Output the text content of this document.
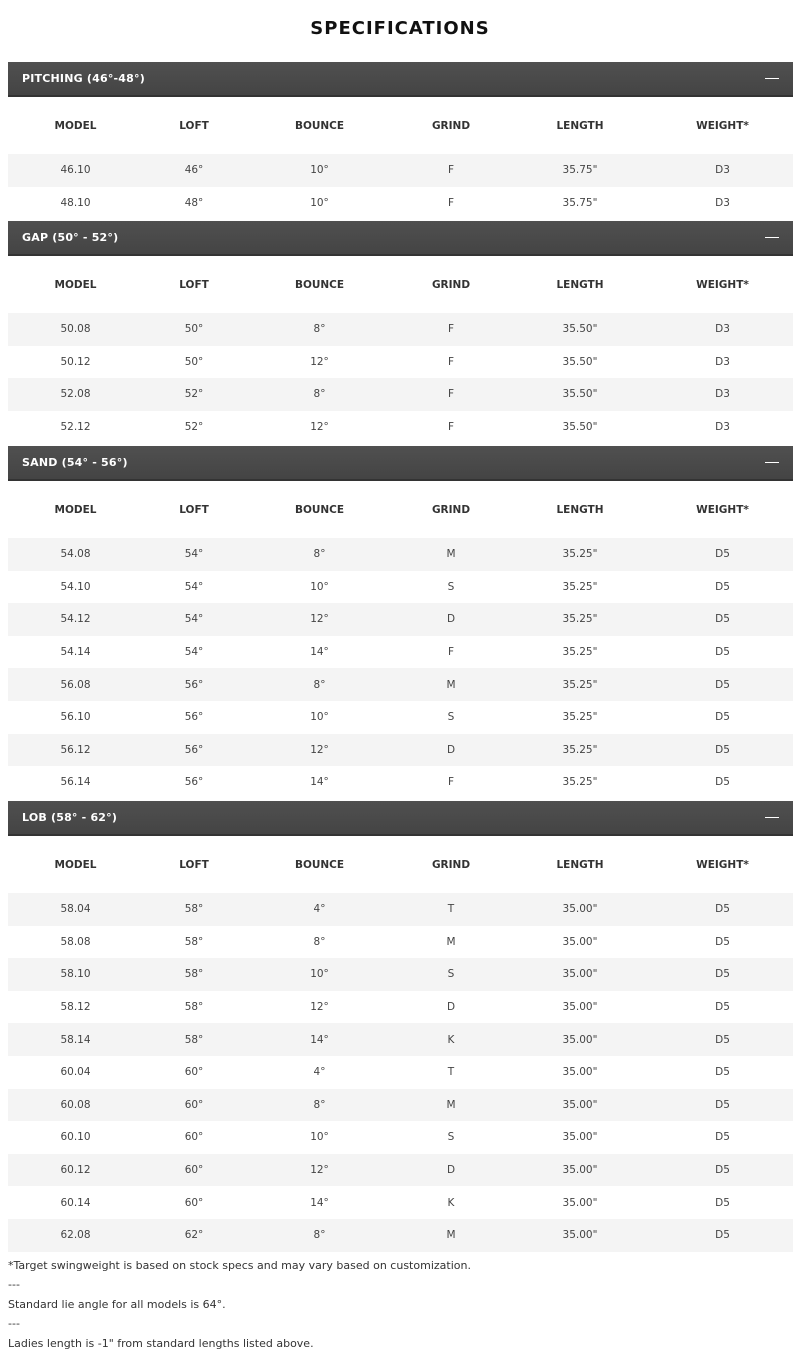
SPECIFICATIONS
PITCHING (46°-48°)
MODEL	LOFT	BOUNCE	GRIND	LENGTH	WEIGHT*
46.10	46°	10°	F	35.75"	D3
48.10	48°	10°	F	35.75"	D3
GAP (50° - 52°)
MODEL	LOFT	BOUNCE	GRIND	LENGTH	WEIGHT*
50.08	50°	8°	F	35.50"	D3
50.12	50°	12°	F	35.50"	D3
52.08	52°	8°	F	35.50"	D3
52.12	52°	12°	F	35.50"	D3
SAND (54° - 56°)
MODEL	LOFT	BOUNCE	GRIND	LENGTH	WEIGHT*
54.08	54°	8°	M	35.25"	D5
54.10	54°	10°	S	35.25"	D5
54.12	54°	12°	D	35.25"	D5
54.14	54°	14°	F	35.25"	D5
56.08	56°	8°	M	35.25"	D5
56.10	56°	10°	S	35.25"	D5
56.12	56°	12°	D	35.25"	D5
56.14	56°	14°	F	35.25"	D5
LOB (58° - 62°)
MODEL	LOFT	BOUNCE	GRIND	LENGTH	WEIGHT*
58.04	58°	4°	T	35.00"	D5
58.08	58°	8°	M	35.00"	D5
58.10	58°	10°	S	35.00"	D5
58.12	58°	12°	D	35.00"	D5
58.14	58°	14°	K	35.00"	D5
60.04	60°	4°	T	35.00"	D5
60.08	60°	8°	M	35.00"	D5
60.10	60°	10°	S	35.00"	D5
60.12	60°	12°	D	35.00"	D5
60.14	60°	14°	K	35.00"	D5
62.08	62°	8°	M	35.00"	D5

*Target swingweight is based on stock specs and may vary based on customization.

---

Standard lie angle for all models is 64°.

---

Ladies length is -1" from standard lengths listed above.
